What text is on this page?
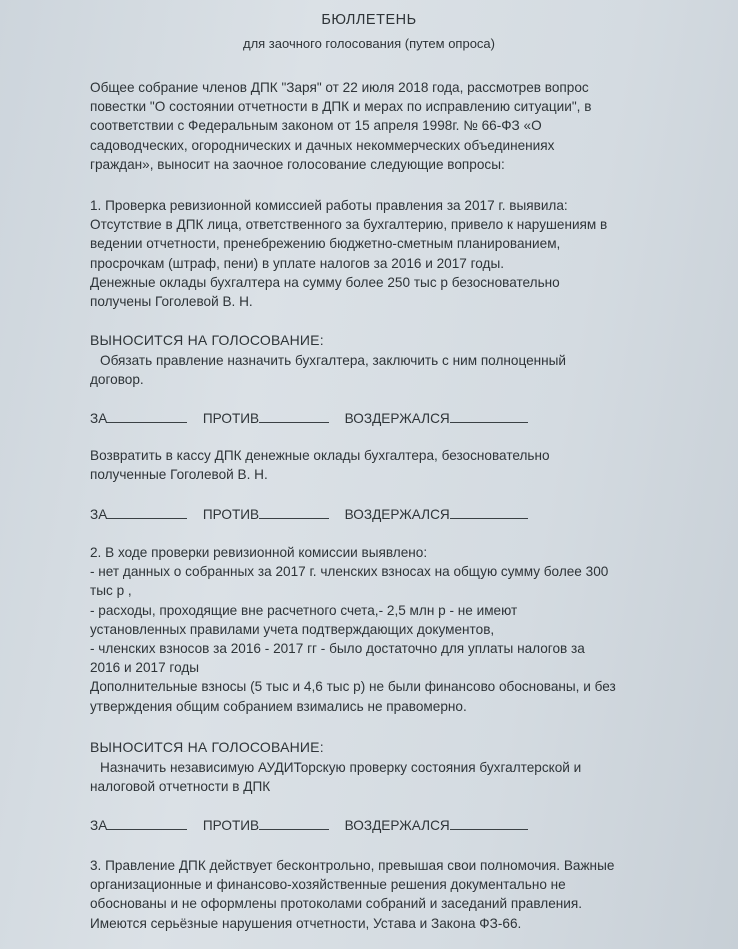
БЮЛЛЕТЕНЬ
для заочного голосования (путем опроса)
Общее собрание членов ДПК "Заря" от 22 июля 2018 года, рассмотрев вопрос
повестки "О состоянии отчетности в ДПК и мерах по исправлению ситуации", в
соответствии с Федеральным законом от 15 апреля 1998г. № 66-ФЗ «О
садоводческих, огороднических и дачных некоммерческих объединениях
граждан», выносит на заочное голосование следующие вопросы:
1. Проверка ревизионной комиссией работы правления за 2017 г. выявила:
Отсутствие в ДПК лица, ответственного за бухгалтерию, привело к нарушениям в
ведении отчетности, пренебрежению бюджетно-сметным планированием,
просрочкам (штраф, пени) в уплате налогов за 2016 и 2017 годы.
Денежные оклады бухгалтера на сумму более 250 тыс р безосновательно
получены Гоголевой В. Н.
ВЫНОСИТСЯ НА ГОЛОСОВАНИЕ:
Обязать правление назначить бухгалтера, заключить с ним полноценный
договор.
ЗА	ПРОТИВ	ВОЗДЕРЖАЛСЯ
Возвратить в кассу ДПК денежные оклады бухгалтера, безосновательно
полученные Гоголевой В. Н.
ЗА	ПРОТИВ	ВОЗДЕРЖАЛСЯ
2. В ходе проверки ревизионной комиссии выявлено:
- нет данных о собранных за 2017 г. членских взносах на общую сумму более 300
тыс р ,
- расходы, проходящие вне расчетного счета,- 2,5 млн р - не имеют
установленных правилами учета подтверждающих документов,
- членских взносов за 2016 - 2017 гг - было достаточно для уплаты налогов за
2016 и 2017 годы
Дополнительные взносы (5 тыс и 4,6 тыс р) не были финансово обоснованы, и без
утверждения общим собранием взимались не правомерно.
ВЫНОСИТСЯ НА ГОЛОСОВАНИЕ:
Назначить независимую АУДИТорскую проверку состояния бухгалтерской и
налоговой отчетности в ДПК
ЗА	ПРОТИВ	ВОЗДЕРЖАЛСЯ
3. Правление ДПК действует бесконтрольно, превышая свои полномочия. Важные
организационные и финансово-хозяйственные решения документально не
обоснованы и не оформлены протоколами собраний и заседаний правления.
Имеются серьёзные нарушения отчетности, Устава и Закона ФЗ-66.
